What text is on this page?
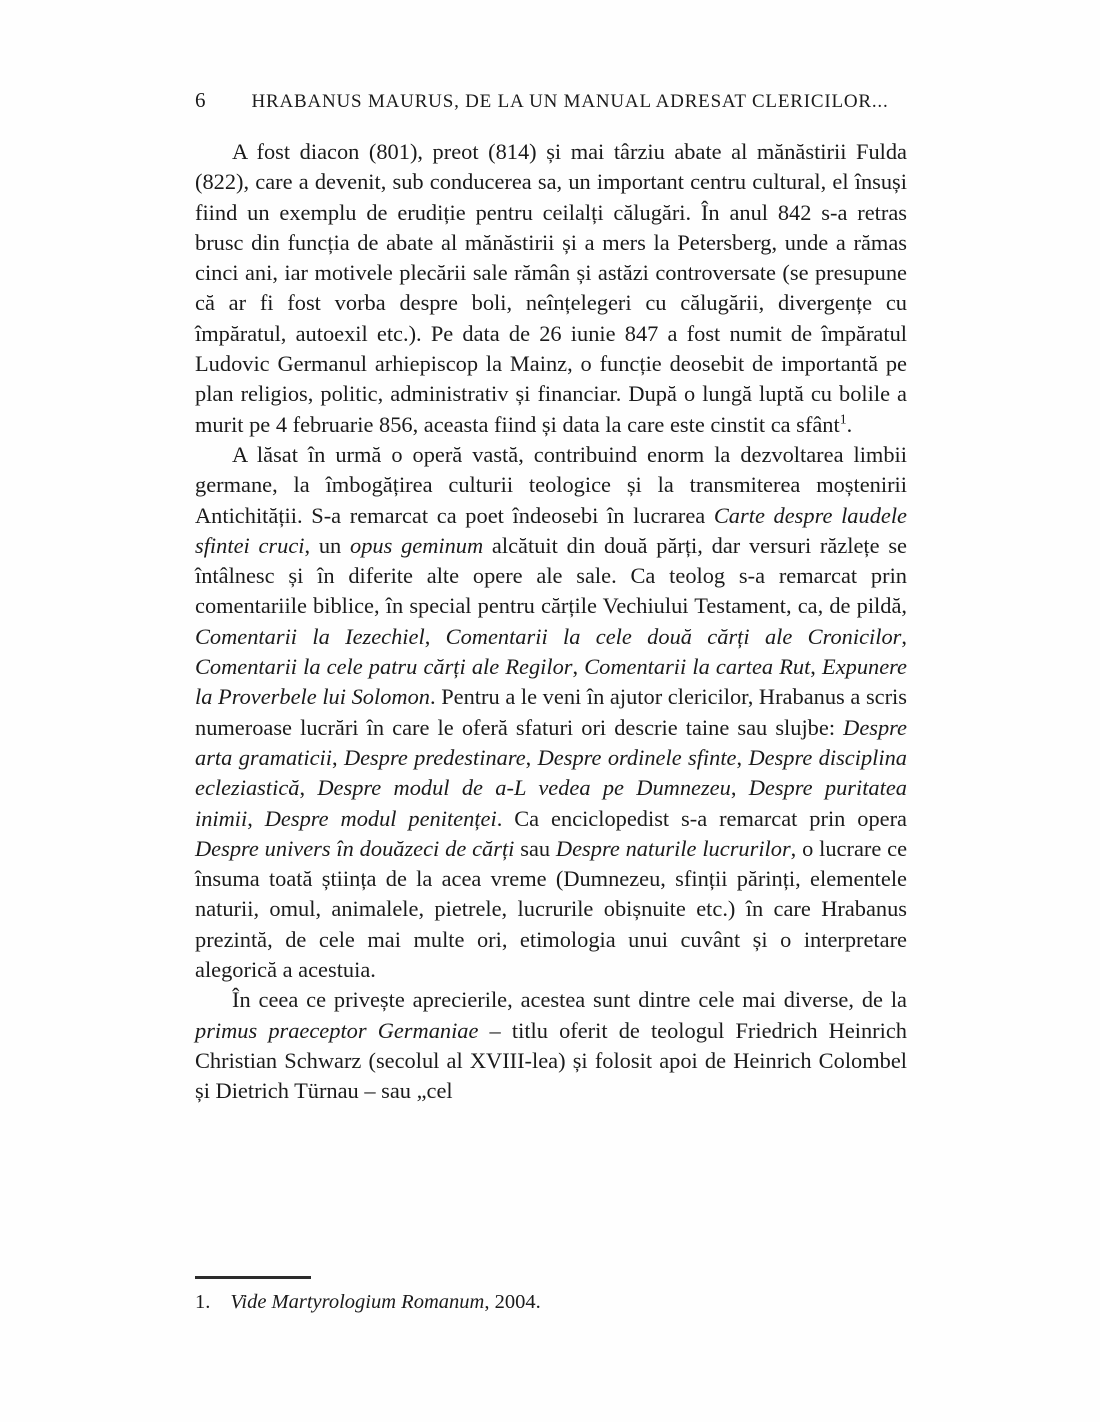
6 HRABANUS MAURUS, DE LA UN MANUAL ADRESAT CLERICILOR...

A fost diacon (801), preot (814) și mai târziu abate al mănăstirii Fulda (822), care a devenit, sub conducerea sa, un important centru cultural, el însuși fiind un exemplu de erudiție pentru ceilalți călugări. În anul 842 s-a retras brusc din funcția de abate al mănăstirii și a mers la Petersberg, unde a rămas cinci ani, iar motivele plecării sale rămân și astăzi controversate (se presupune că ar fi fost vorba despre boli, neînțelegeri cu călugării, divergențe cu împăratul, autoexil etc.). Pe data de 26 iunie 847 a fost numit de împăratul Ludovic Germanul arhiepiscop la Mainz, o funcție deosebit de importantă pe plan religios, politic, administrativ și financiar. După o lungă luptă cu bolile a murit pe 4 februarie 856, aceasta fiind și data la care este cinstit ca sfânt$^1$.

A lăsat în urmă o operă vastă, contribuind enorm la dezvoltarea limbii germane, la îmbogățirea culturii teologice și la transmiterea moștenirii Antichității. S-a remarcat ca poet îndeosebi în lucrarea Carte despre laudele sfintei cruci, un opus geminum alcătuit din două părți, dar versuri răzlețe se întâlnesc și în diferite alte opere ale sale. Ca teolog s-a remarcat prin comentariile biblice, în special pentru cărțile Vechiului Testament, ca, de pildă, Comentarii la Iezechiel, Comentarii la cele două cărți ale Cronicilor, Comentarii la cele patru cărți ale Regilor, Comentarii la cartea Rut, Expunere la Proverbele lui Solomon. Pentru a le veni în ajutor clericilor, Hrabanus a scris numeroase lucrări în care le oferă sfaturi ori descrie taine sau slujbe: Despre arta gramaticii, Despre predestinare, Despre ordinele sfinte, Despre disciplina ecleziastică, Despre modul de a-L vedea pe Dumnezeu, Despre puritatea inimii, Despre modul penitenței. Ca enciclopedist s-a remarcat prin opera Despre univers în douăzeci de cărți sau Despre naturile lucrurilor, o lucrare ce însuma toată știința de la acea vreme (Dumnezeu, sfinții părinți, elementele naturii, omul, animalele, pietrele, lucrurile obișnuite etc.) în care Hrabanus prezintă, de cele mai multe ori, etimologia unui cuvânt și o interpretare alegorică a acestuia.

În ceea ce privește aprecierile, acestea sunt dintre cele mai diverse, de la primus praeceptor Germaniae – titlu oferit de teologul Friedrich Heinrich Christian Schwarz (secolul al XVIII-lea) și folosit apoi de Heinrich Colombel și Dietrich Türnau – sau „cel

1. Vide Martyrologium Romanum, 2004.
